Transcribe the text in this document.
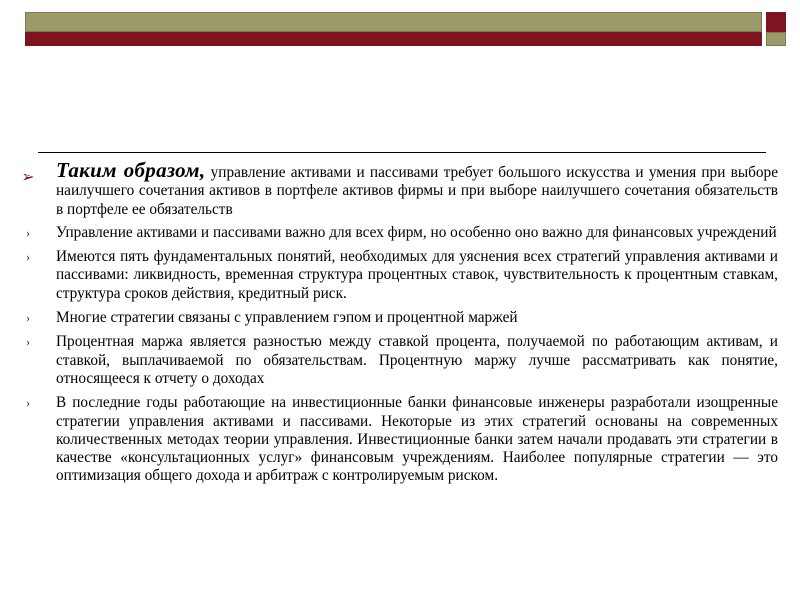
➢	Таким образом, управление активами и пассивами требует большого искусства и умения при выборе наилучшего сочетания активов в портфеле активов фирмы и при выборе наилучшего сочетания обязательств в портфеле ее обязательств
›	Управление активами и пассивами важно для всех фирм, но особенно оно важно для финансовых учреждений
›	Имеются пять фундаментальных понятий, необходимых для уяснения всех стратегий управления активами и пассивами: ликвидность, временная структура процентных ставок, чувствительность к процентным ставкам, структура сроков действия, кредитный риск.
›	Многие стратегии связаны с управлением гэпом и процентной маржей
›	Процентная маржа является разностью между ставкой процента, получаемой по работающим активам, и ставкой, выплачиваемой по обязательствам. Процентную маржу лучше рассматривать как понятие, относящееся к отчету о доходах
›	В последние годы работающие на инвестиционные банки финансовые инженеры разработали изощренные стратегии управления активами и пассивами. Некоторые из этих стратегий основаны на современных количественных методах теории управления. Инвестиционные банки затем начали продавать эти стратегии в качестве «консультационных услуг» финансовым учреждениям. Наиболее популярные стратегии — это оптимизация общего дохода и арбитраж с контролируемым риском.
